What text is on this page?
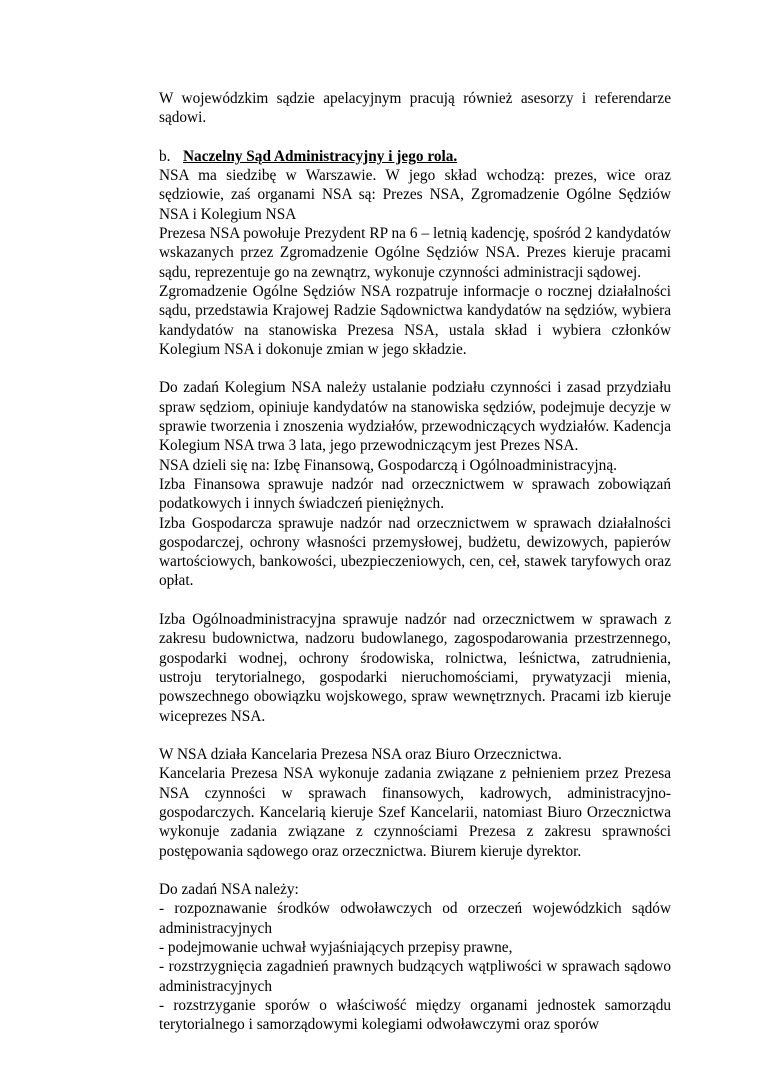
W wojewódzkim sądzie apelacyjnym pracują również asesorzy i referendarze sądowi.

b. Naczelny Sąd Administracyjny i jego rola.

NSA ma siedzibę w Warszawie. W jego skład wchodzą: prezes, wice oraz sędziowie, zaś organami NSA są: Prezes NSA, Zgromadzenie Ogólne Sędziów NSA i Kolegium NSA

Prezesa NSA powołuje Prezydent RP na 6 – letnią kadencję, spośród 2 kandydatów wskazanych przez Zgromadzenie Ogólne Sędziów NSA. Prezes kieruje pracami sądu, reprezentuje go na zewnątrz, wykonuje czynności administracji sądowej.

Zgromadzenie Ogólne Sędziów NSA rozpatruje informacje o rocznej działalności sądu, przedstawia Krajowej Radzie Sądownictwa kandydatów na sędziów, wybiera kandydatów na stanowiska Prezesa NSA, ustala skład i wybiera członków Kolegium NSA i dokonuje zmian w jego składzie.

Do zadań Kolegium NSA należy ustalanie podziału czynności i zasad przydziału spraw sędziom, opiniuje kandydatów na stanowiska sędziów, podejmuje decyzje w sprawie tworzenia i znoszenia wydziałów, przewodniczących wydziałów. Kadencja Kolegium NSA trwa 3 lata, jego przewodniczącym jest Prezes NSA.

NSA dzieli się na: Izbę Finansową, Gospodarczą i Ogólnoadministracyjną.

Izba Finansowa sprawuje nadzór nad orzecznictwem w sprawach zobowiązań podatkowych i innych świadczeń pieniężnych.

Izba Gospodarcza sprawuje nadzór nad orzecznictwem w sprawach działalności gospodarczej, ochrony własności przemysłowej, budżetu, dewizowych, papierów wartościowych, bankowości, ubezpieczeniowych, cen, ceł, stawek taryfowych oraz opłat.

Izba Ogólnoadministracyjna sprawuje nadzór nad orzecznictwem w sprawach z zakresu budownictwa, nadzoru budowlanego, zagospodarowania przestrzennego, gospodarki wodnej, ochrony środowiska, rolnictwa, leśnictwa, zatrudnienia, ustroju terytorialnego, gospodarki nieruchomościami, prywatyzacji mienia, powszechnego obowiązku wojskowego, spraw wewnętrznych. Pracami izb kieruje wiceprezes NSA.

W NSA działa Kancelaria Prezesa NSA oraz Biuro Orzecznictwa.

Kancelaria Prezesa NSA wykonuje zadania związane z pełnieniem przez Prezesa NSA czynności w sprawach finansowych, kadrowych, administracyjno-gospodarczych. Kancelarią kieruje Szef Kancelarii, natomiast Biuro Orzecznictwa wykonuje zadania związane z czynnościami Prezesa z zakresu sprawności postępowania sądowego oraz orzecznictwa. Biurem kieruje dyrektor.

Do zadań NSA należy:

- rozpoznawanie środków odwoławczych od orzeczeń wojewódzkich sądów administracyjnych

- podejmowanie uchwał wyjaśniających przepisy prawne,

- rozstrzygnięcia zagadnień prawnych budzących wątpliwości w sprawach sądowo administracyjnych

- rozstrzyganie sporów o właściwość między organami jednostek samorządu terytorialnego i samorządowymi kolegiami odwoławczymi oraz sporów
